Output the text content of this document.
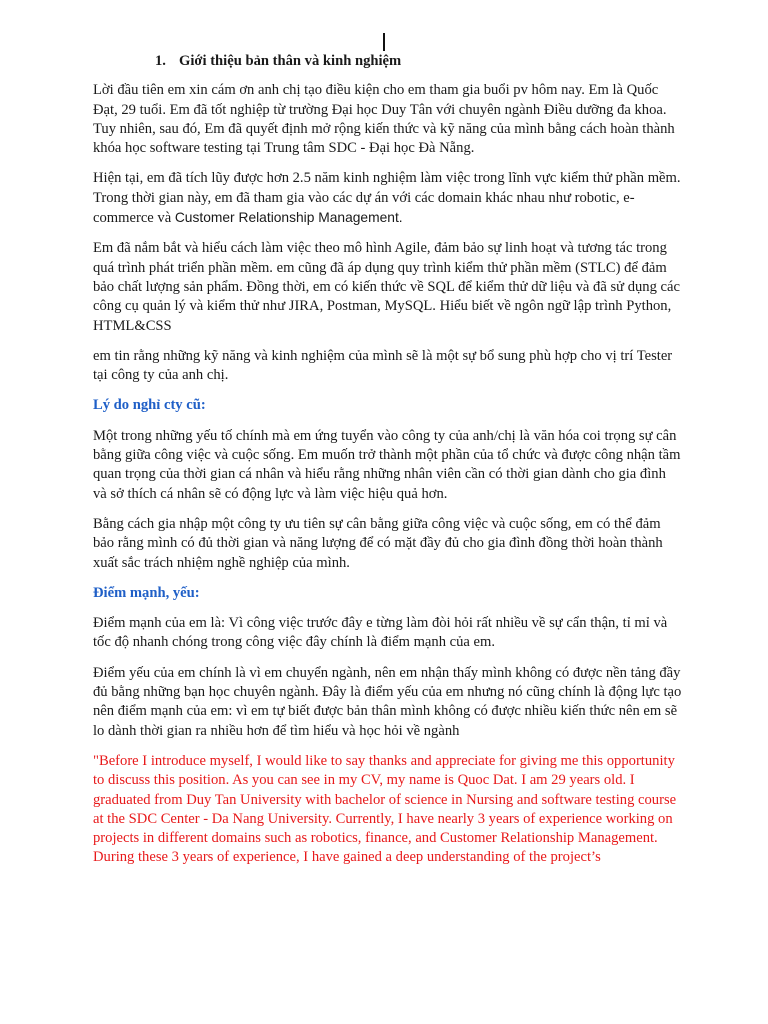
1. Giới thiệu bản thân và kinh nghiệm

Lời đầu tiên em xin cám ơn anh chị tạo điều kiện cho em tham gia buổi pv hôm nay. Em là Quốc Đạt, 29 tuổi. Em đã tốt nghiệp từ trường Đại học Duy Tân với chuyên ngành Điều dưỡng đa khoa. Tuy nhiên, sau đó, Em đã quyết định mở rộng kiến thức và kỹ năng của mình bằng cách hoàn thành khóa học software testing tại Trung tâm SDC - Đại học Đà Nẵng.

Hiện tại, em đã tích lũy được hơn 2.5 năm kinh nghiệm làm việc trong lĩnh vực kiểm thử phần mềm. Trong thời gian này, em đã tham gia vào các dự án với các domain khác nhau như robotic, e-commerce và Customer Relationship Management.

Em đã nắm bắt và hiểu cách làm việc theo mô hình Agile, đảm bảo sự linh hoạt và tương tác trong quá trình phát triển phần mềm. em cũng đã áp dụng quy trình kiểm thử phần mềm (STLC) để đảm bảo chất lượng sản phẩm. Đồng thời, em có kiến thức về SQL để kiểm thử dữ liệu và đã sử dụng các công cụ quản lý và kiểm thử như JIRA, Postman, MySQL. Hiểu biết về ngôn ngữ lập trình Python, HTML&CSS

em tin rằng những kỹ năng và kinh nghiệm của mình sẽ là một sự bổ sung phù hợp cho vị trí Tester tại công ty của anh chị.

Lý do nghỉ cty cũ:

Một trong những yếu tố chính mà em ứng tuyển vào công ty của anh/chị là văn hóa coi trọng sự cân bằng giữa công việc và cuộc sống. Em muốn trở thành một phần của tổ chức và được công nhận tầm quan trọng của thời gian cá nhân và hiểu rằng những nhân viên cần có thời gian dành cho gia đình và sở thích cá nhân sẽ có động lực và làm việc hiệu quả hơn.

Bằng cách gia nhập một công ty ưu tiên sự cân bằng giữa công việc và cuộc sống, em có thể đảm bảo rằng mình có đủ thời gian và năng lượng để có mặt đầy đủ cho gia đình đồng thời hoàn thành xuất sắc trách nhiệm nghề nghiệp của mình.

Điểm mạnh, yếu:

Điểm mạnh của em là: Vì công việc trước đây e từng làm đòi hỏi rất nhiều về sự cẩn thận, tỉ mỉ và tốc độ nhanh chóng trong công việc đây chính là điểm mạnh của em.

Điểm yếu của em chính là vì em chuyển ngành, nên em nhận thấy mình không có được nền tảng đầy đủ bằng những bạn học chuyên ngành. Đây là điểm yếu của em nhưng nó cũng chính là động lực tạo nên điểm mạnh của em: vì em tự biết được bản thân mình không có được nhiều kiến thức nên em sẽ lo dành thời gian ra nhiều hơn để tìm hiểu và học hỏi về ngành

"Before I introduce myself, I would like to say thanks and appreciate for giving me this opportunity to discuss this position. As you can see in my CV, my name is Quoc Dat. I am 29 years old. I graduated from Duy Tan University with bachelor of science in Nursing and software testing course at the SDC Center - Da Nang University. Currently, I have nearly 3 years of experience working on projects in different domains such as robotics, finance, and Customer Relationship Management.

During these 3 years of experience, I have gained a deep understanding of the project’s
